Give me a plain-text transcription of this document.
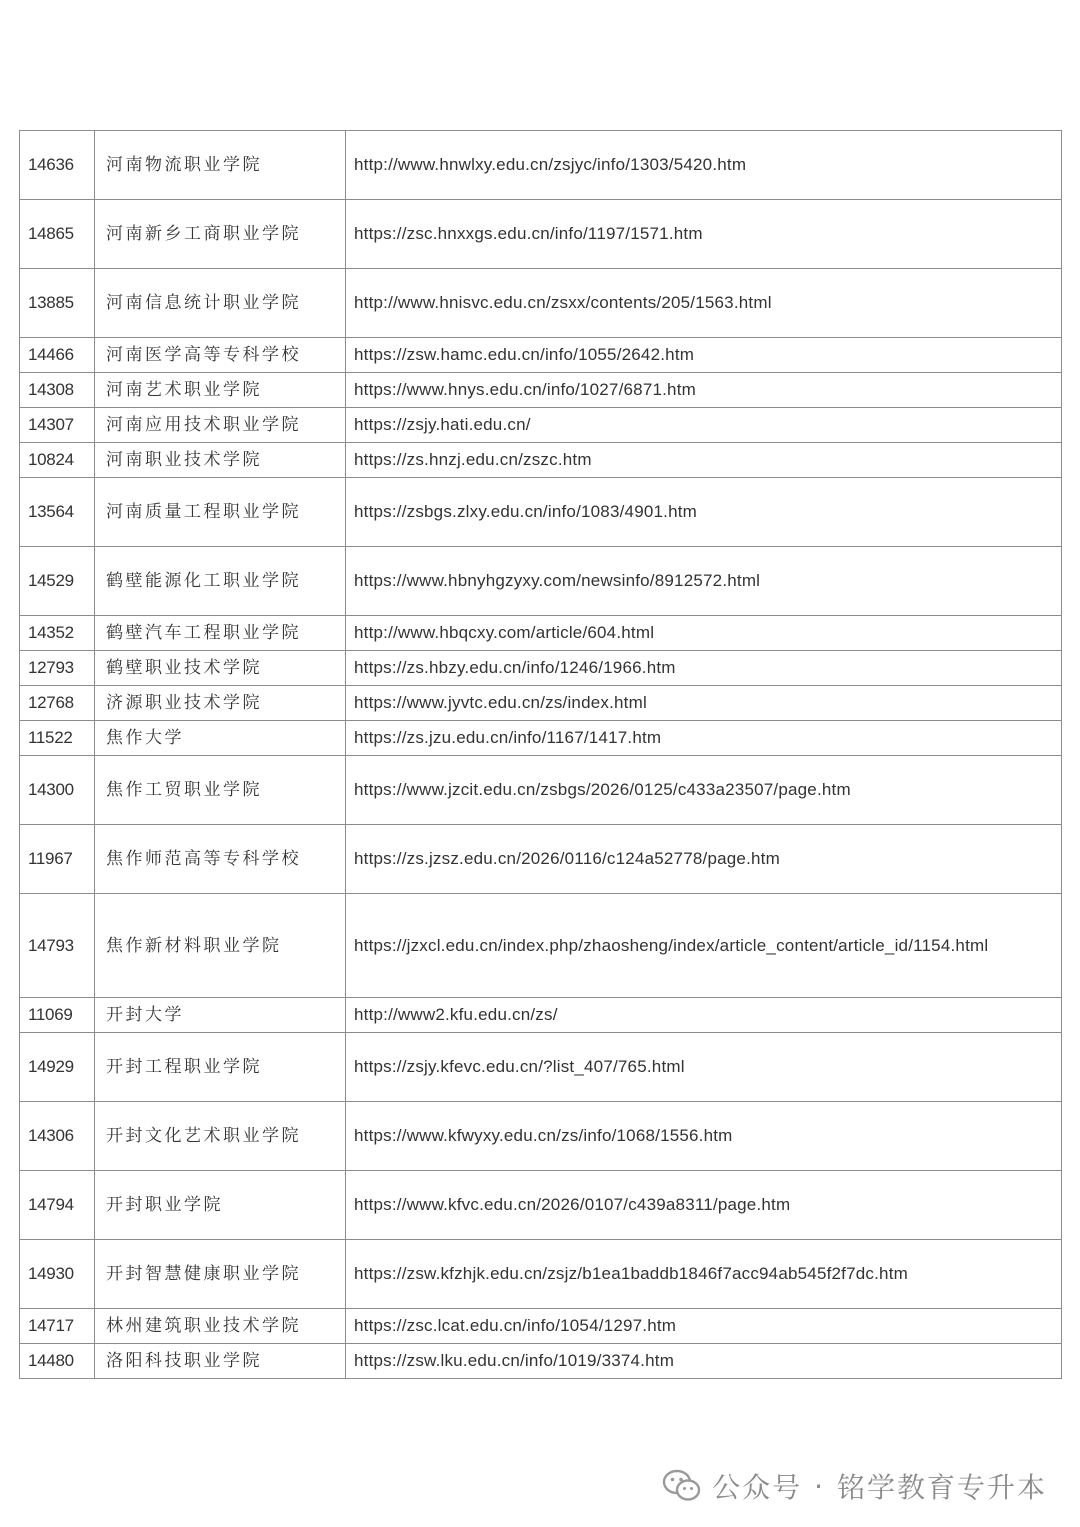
14636	河南物流职业学院	http://www.hnwlxy.edu.cn/zsjyc/info/1303/5420.htm
14865	河南新乡工商职业学院	https://zsc.hnxxgs.edu.cn/info/1197/1571.htm
13885	河南信息统计职业学院	http://www.hnisvc.edu.cn/zsxx/contents/205/1563.html
14466	河南医学高等专科学校	https://zsw.hamc.edu.cn/info/1055/2642.htm
14308	河南艺术职业学院	https://www.hnys.edu.cn/info/1027/6871.htm
14307	河南应用技术职业学院	https://zsjy.hati.edu.cn/
10824	河南职业技术学院	https://zs.hnzj.edu.cn/zszc.htm
13564	河南质量工程职业学院	https://zsbgs.zlxy.edu.cn/info/1083/4901.htm
14529	鹤壁能源化工职业学院	https://www.hbnyhgzyxy.com/newsinfo/8912572.html
14352	鹤壁汽车工程职业学院	http://www.hbqcxy.com/article/604.html
12793	鹤壁职业技术学院	https://zs.hbzy.edu.cn/info/1246/1966.htm
12768	济源职业技术学院	https://www.jyvtc.edu.cn/zs/index.html
11522	焦作大学	https://zs.jzu.edu.cn/info/1167/1417.htm
14300	焦作工贸职业学院	https://www.jzcit.edu.cn/zsbgs/2026/0125/c433a23507/page.htm
11967	焦作师范高等专科学校	https://zs.jzsz.edu.cn/2026/0116/c124a52778/page.htm
14793	焦作新材料职业学院	https://jzxcl.edu.cn/index.php/zhaosheng/index/article_content/article_id/1154.html
11069	开封大学	http://www2.kfu.edu.cn/zs/
14929	开封工程职业学院	https://zsjy.kfevc.edu.cn/?list_407/765.html
14306	开封文化艺术职业学院	https://www.kfwyxy.edu.cn/zs/info/1068/1556.htm
14794	开封职业学院	https://www.kfvc.edu.cn/2026/0107/c439a8311/page.htm
14930	开封智慧健康职业学院	https://zsw.kfzhjk.edu.cn/zsjz/b1ea1baddb1846f7acc94ab545f2f7dc.htm
14717	林州建筑职业技术学院	https://zsc.lcat.edu.cn/info/1054/1297.htm
14480	洛阳科技职业学院	https://zsw.lku.edu.cn/info/1019/3374.htm
公众号 · 铭学教育专升本
